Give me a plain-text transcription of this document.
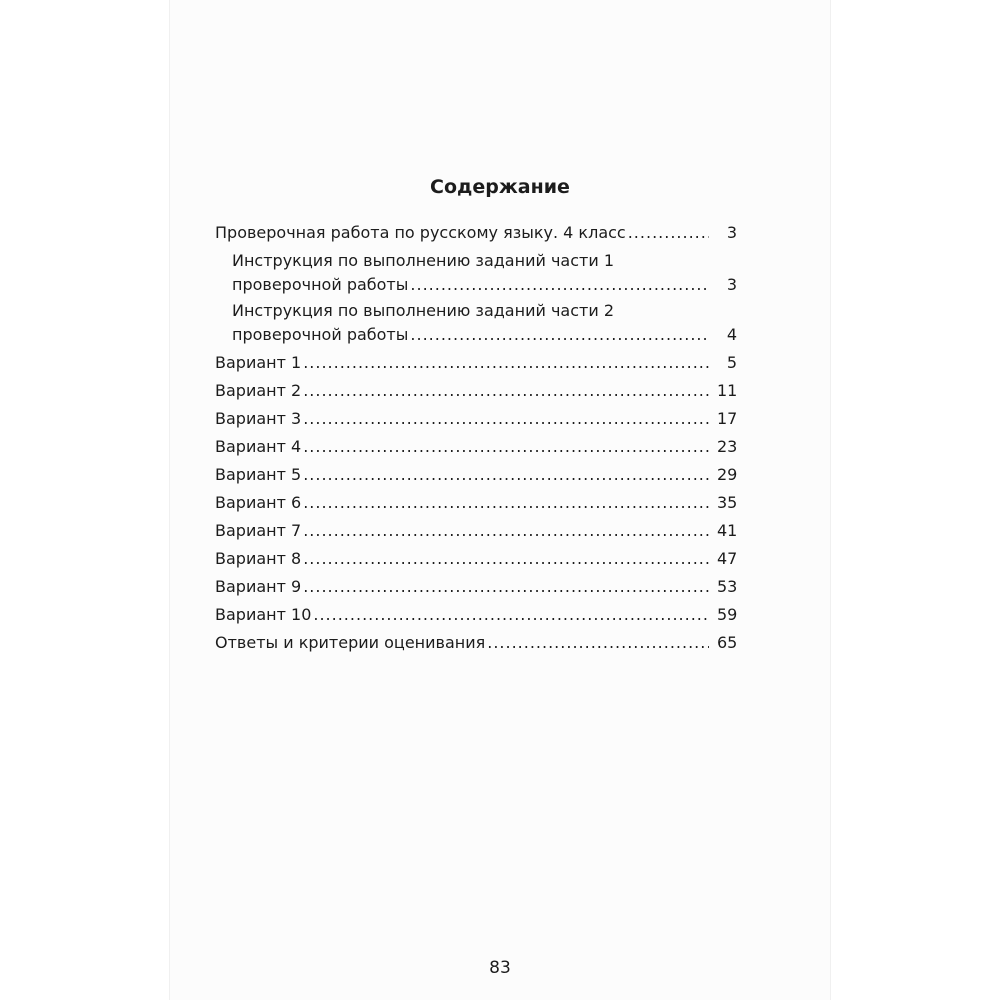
Содержание
Проверочная работа по русскому языку. 4 класс .....	3
Инструкция по выполнению заданий части 1
проверочной работы .....	3
Инструкция по выполнению заданий части 2
проверочной работы .....	4
Вариант 1 .....	5
Вариант 2 .....	11
Вариант 3 .....	17
Вариант 4 .....	23
Вариант 5 .....	29
Вариант 6 .....	35
Вариант 7 .....	41
Вариант 8 .....	47
Вариант 9 .....	53
Вариант 10 .....	59
Ответы и критерии оценивания .....	65
83
